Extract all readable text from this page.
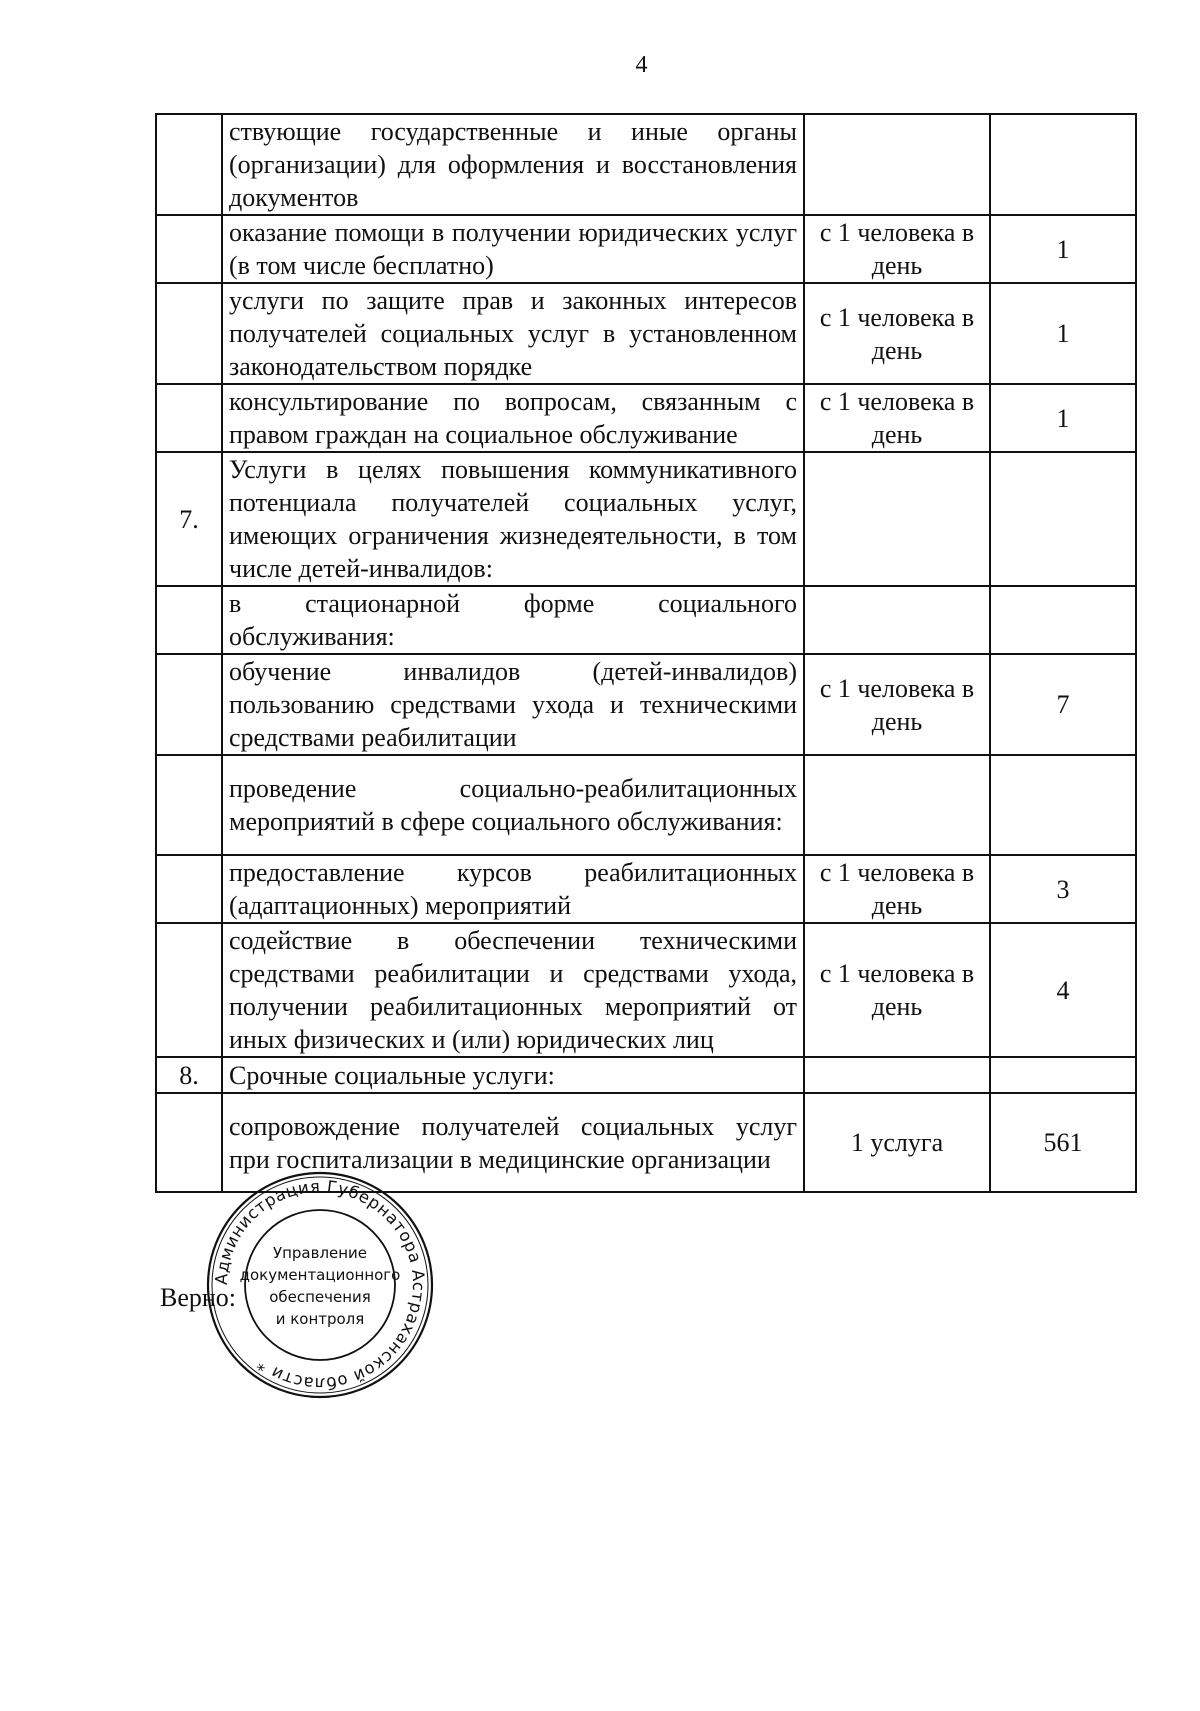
4
	ствующие государственные и иные органы (организации) для оформления и восстановления документов		
	оказание помощи в получении юридических услуг (в том числе бесплатно)	с 1 человека в день	1
	услуги по защите прав и законных интересов получателей социальных услуг в установленном законодательством порядке	с 1 человека в день	1
	консультирование по вопросам, связанным с правом граждан на социальное обслуживание	с 1 человека в день	1
7.	Услуги в целях повышения коммуникативного потенциала получателей социальных услуг, имеющих ограничения жизнедеятельности, в том числе детей-инвалидов:		
	в стационарной форме социального обслуживания:		
	обучение инвалидов (детей-инвалидов) пользованию средствами ухода и техническими средствами реабилитации	с 1 человека в день	7
	проведение социально-реабилитационных мероприятий в сфере социального обслуживания:		
	предоставление курсов реабилитационных (адаптационных) мероприятий	с 1 человека в день	3
	содействие в обеспечении техническими средствами реабилитации и средствами ухода, получении реабилитационных мероприятий от иных физических и (или) юридических лиц	с 1 человека в день	4
8.	Срочные социальные услуги:		
	сопровождение получателей социальных услуг при госпитализации в медицинские организации	1 услуга	561
Верно:
Администрация Губернатора Астраханской области *
Управление
документационного
обеспечения
и контроля
